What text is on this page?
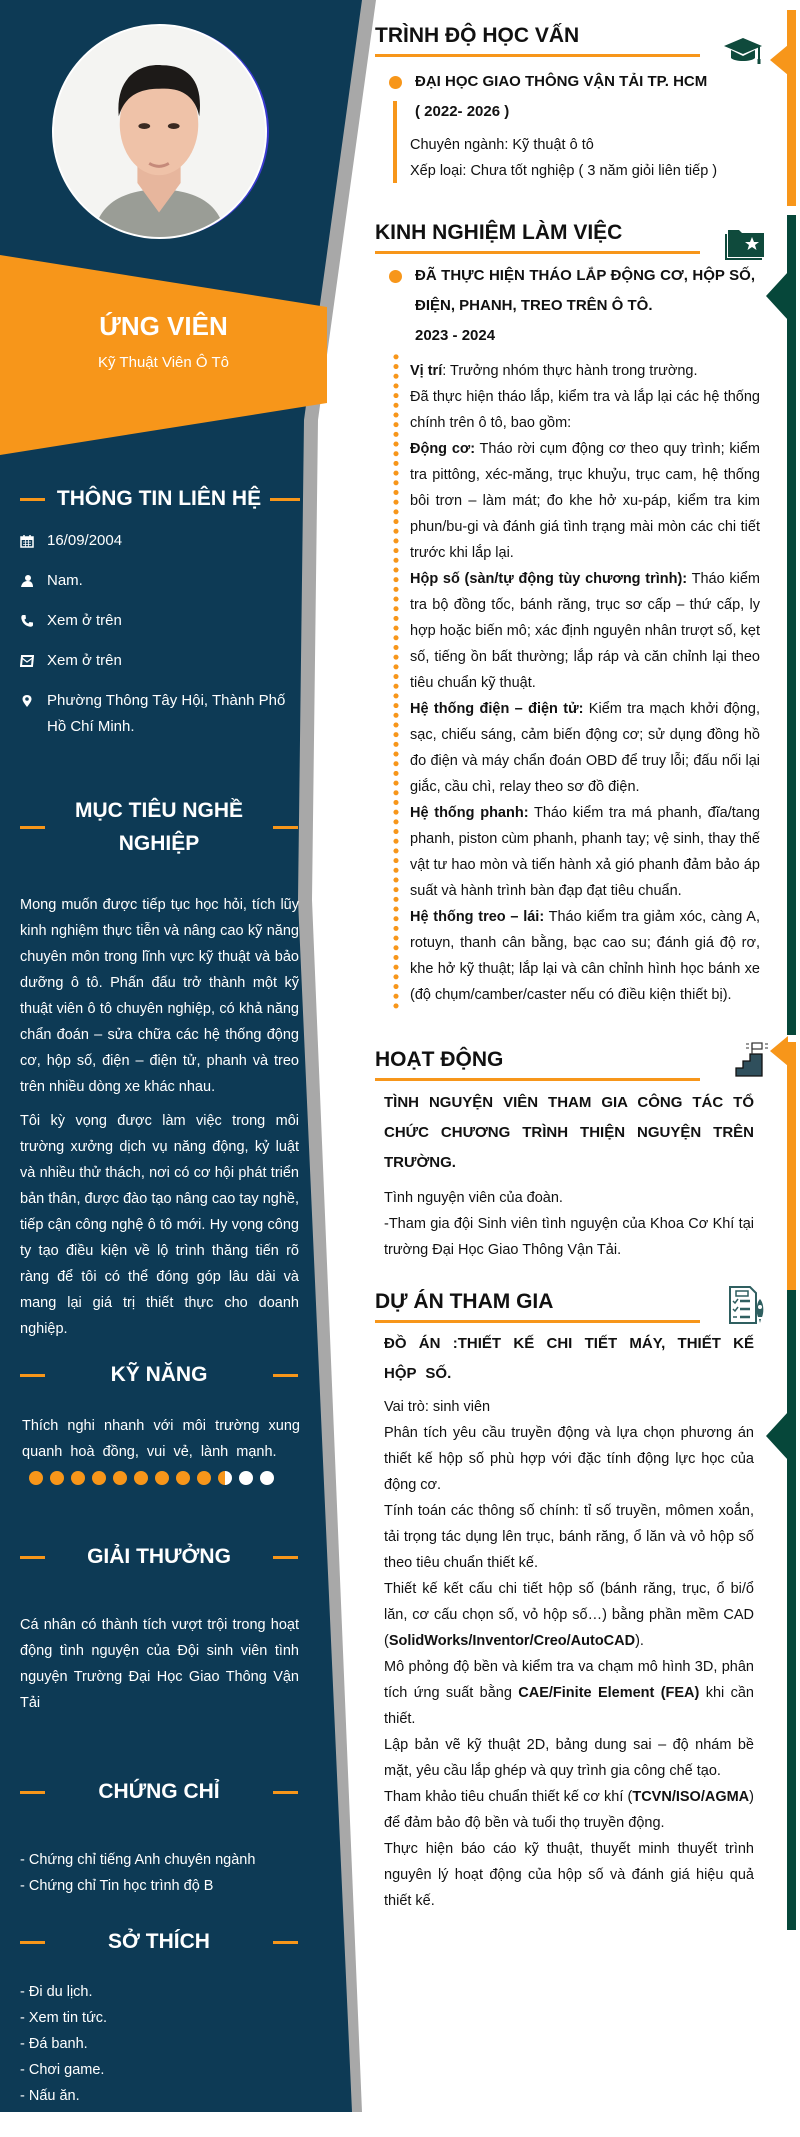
ỨNG VIÊN
Kỹ Thuật Viên Ô Tô
THÔNG TIN LIÊN HỆ
16/09/2004
Nam.
Xem ở trên
Xem ở trên
Phường Thông Tây Hội, Thành Phố Hồ Chí Minh.
MỤC TIÊU NGHỀ NGHIỆP
Mong muốn được tiếp tục học hỏi, tích lũy kinh nghiệm thực tiễn và nâng cao kỹ năng chuyên môn trong lĩnh vực kỹ thuật và bảo dưỡng ô tô. Phấn đấu trở thành một kỹ thuật viên ô tô chuyên nghiệp, có khả năng chẩn đoán – sửa chữa các hệ thống động cơ, hộp số, điện – điện tử, phanh và treo trên nhiều dòng xe khác nhau.
Tôi kỳ vọng được làm việc trong môi trường xưởng dịch vụ năng động, kỷ luật và nhiều thử thách, nơi có cơ hội phát triển bản thân, được đào tạo nâng cao tay nghề, tiếp cận công nghệ ô tô mới. Hy vọng công ty tạo điều kiện về lộ trình thăng tiến rõ ràng để tôi có thể đóng góp lâu dài và mang lại giá trị thiết thực cho doanh nghiệp.
KỸ NĂNG
Thích nghi nhanh với môi trường xung quanh hoà đồng, vui vẻ, lành mạnh.
GIẢI THƯỞNG
Cá nhân có thành tích vượt trội trong hoạt động tình nguyện của Đội sinh viên tình nguyện Trường Đại Học Giao Thông Vận Tải
CHỨNG CHỈ
- Chứng chỉ tiếng Anh chuyên ngành
- Chứng chỉ Tin học trình độ B
SỞ THÍCH
- Đi du lịch.
- Xem tin tức.
- Đá banh.
- Chơi game.
- Nấu ăn.
TRÌNH ĐỘ HỌC VẤN
ĐẠI HỌC GIAO THÔNG VẬN TẢI TP. HCM
( 2022- 2026 )
Chuyên ngành: Kỹ thuật ô tô
Xếp loại: Chưa tốt nghiệp ( 3 năm giỏi liên tiếp )
KINH NGHIỆM LÀM VIỆC
ĐÃ THỰC HIỆN THÁO LẮP ĐỘNG CƠ, HỘP SỐ, ĐIỆN, PHANH, TREO TRÊN Ô TÔ.
2023 - 2024
Vị trí: Trưởng nhóm thực hành trong trường.
Đã thực hiện tháo lắp, kiểm tra và lắp lại các hệ thống chính trên ô tô, bao gồm:
Động cơ: Tháo rời cụm động cơ theo quy trình; kiểm tra pittông, xéc-măng, trục khuỷu, trục cam, hệ thống bôi trơn – làm mát; đo khe hở xu-páp, kiểm tra kim phun/bu-gi và đánh giá tình trạng mài mòn các chi tiết trước khi lắp lại.
Hộp số (sàn/tự động tùy chương trình): Tháo kiểm tra bộ đồng tốc, bánh răng, trục sơ cấp – thứ cấp, ly hợp hoặc biến mô; xác định nguyên nhân trượt số, kẹt số, tiếng ồn bất thường; lắp ráp và căn chỉnh lại theo tiêu chuẩn kỹ thuật.
Hệ thống điện – điện tử: Kiểm tra mạch khởi động, sạc, chiếu sáng, cảm biến động cơ; sử dụng đồng hồ đo điện và máy chẩn đoán OBD để truy lỗi; đấu nối lại giắc, cầu chì, relay theo sơ đồ điện.
Hệ thống phanh: Tháo kiểm tra má phanh, đĩa/tang phanh, piston cùm phanh, phanh tay; vệ sinh, thay thế vật tư hao mòn và tiến hành xả gió phanh đảm bảo áp suất và hành trình bàn đạp đạt tiêu chuẩn.
Hệ thống treo – lái: Tháo kiểm tra giảm xóc, càng A, rotuyn, thanh cân bằng, bạc cao su; đánh giá độ rơ, khe hở kỹ thuật; lắp lại và cân chỉnh hình học bánh xe (độ chụm/camber/caster nếu có điều kiện thiết bị).
HOẠT ĐỘNG
TÌNH NGUYỆN VIÊN THAM GIA CÔNG TÁC TỔ CHỨC CHƯƠNG TRÌNH THIỆN NGUYỆN TRÊN TRƯỜNG.
Tình nguyện viên của đoàn.
-Tham gia đội Sinh viên tình nguyện của Khoa Cơ Khí tại trường Đại Học Giao Thông Vận Tải.
DỰ ÁN THAM GIA
ĐỒ ÁN :THIẾT KẾ CHI TIẾT MÁY, THIẾT KẾ HỘP SỐ.
Vai trò: sinh viên
Phân tích yêu cầu truyền động và lựa chọn phương án thiết kế hộp số phù hợp với đặc tính động lực học của động cơ.
Tính toán các thông số chính: tỉ số truyền, mômen xoắn, tải trọng tác dụng lên trục, bánh răng, ổ lăn và vỏ hộp số theo tiêu chuẩn thiết kế.
Thiết kế kết cấu chi tiết hộp số (bánh răng, trục, ổ bi/ổ lăn, cơ cấu chọn số, vỏ hộp số…) bằng phần mềm CAD (SolidWorks/Inventor/Creo/AutoCAD).
Mô phỏng độ bền và kiểm tra va chạm mô hình 3D, phân tích ứng suất bằng CAE/Finite Element (FEA) khi cần thiết.
Lập bản vẽ kỹ thuật 2D, bảng dung sai – độ nhám bề mặt, yêu cầu lắp ghép và quy trình gia công chế tạo.
Tham khảo tiêu chuẩn thiết kế cơ khí (TCVN/ISO/AGMA) để đảm bảo độ bền và tuổi thọ truyền động.
Thực hiện báo cáo kỹ thuật, thuyết minh thuyết trình nguyên lý hoạt động của hộp số và đánh giá hiệu quả thiết kế.
